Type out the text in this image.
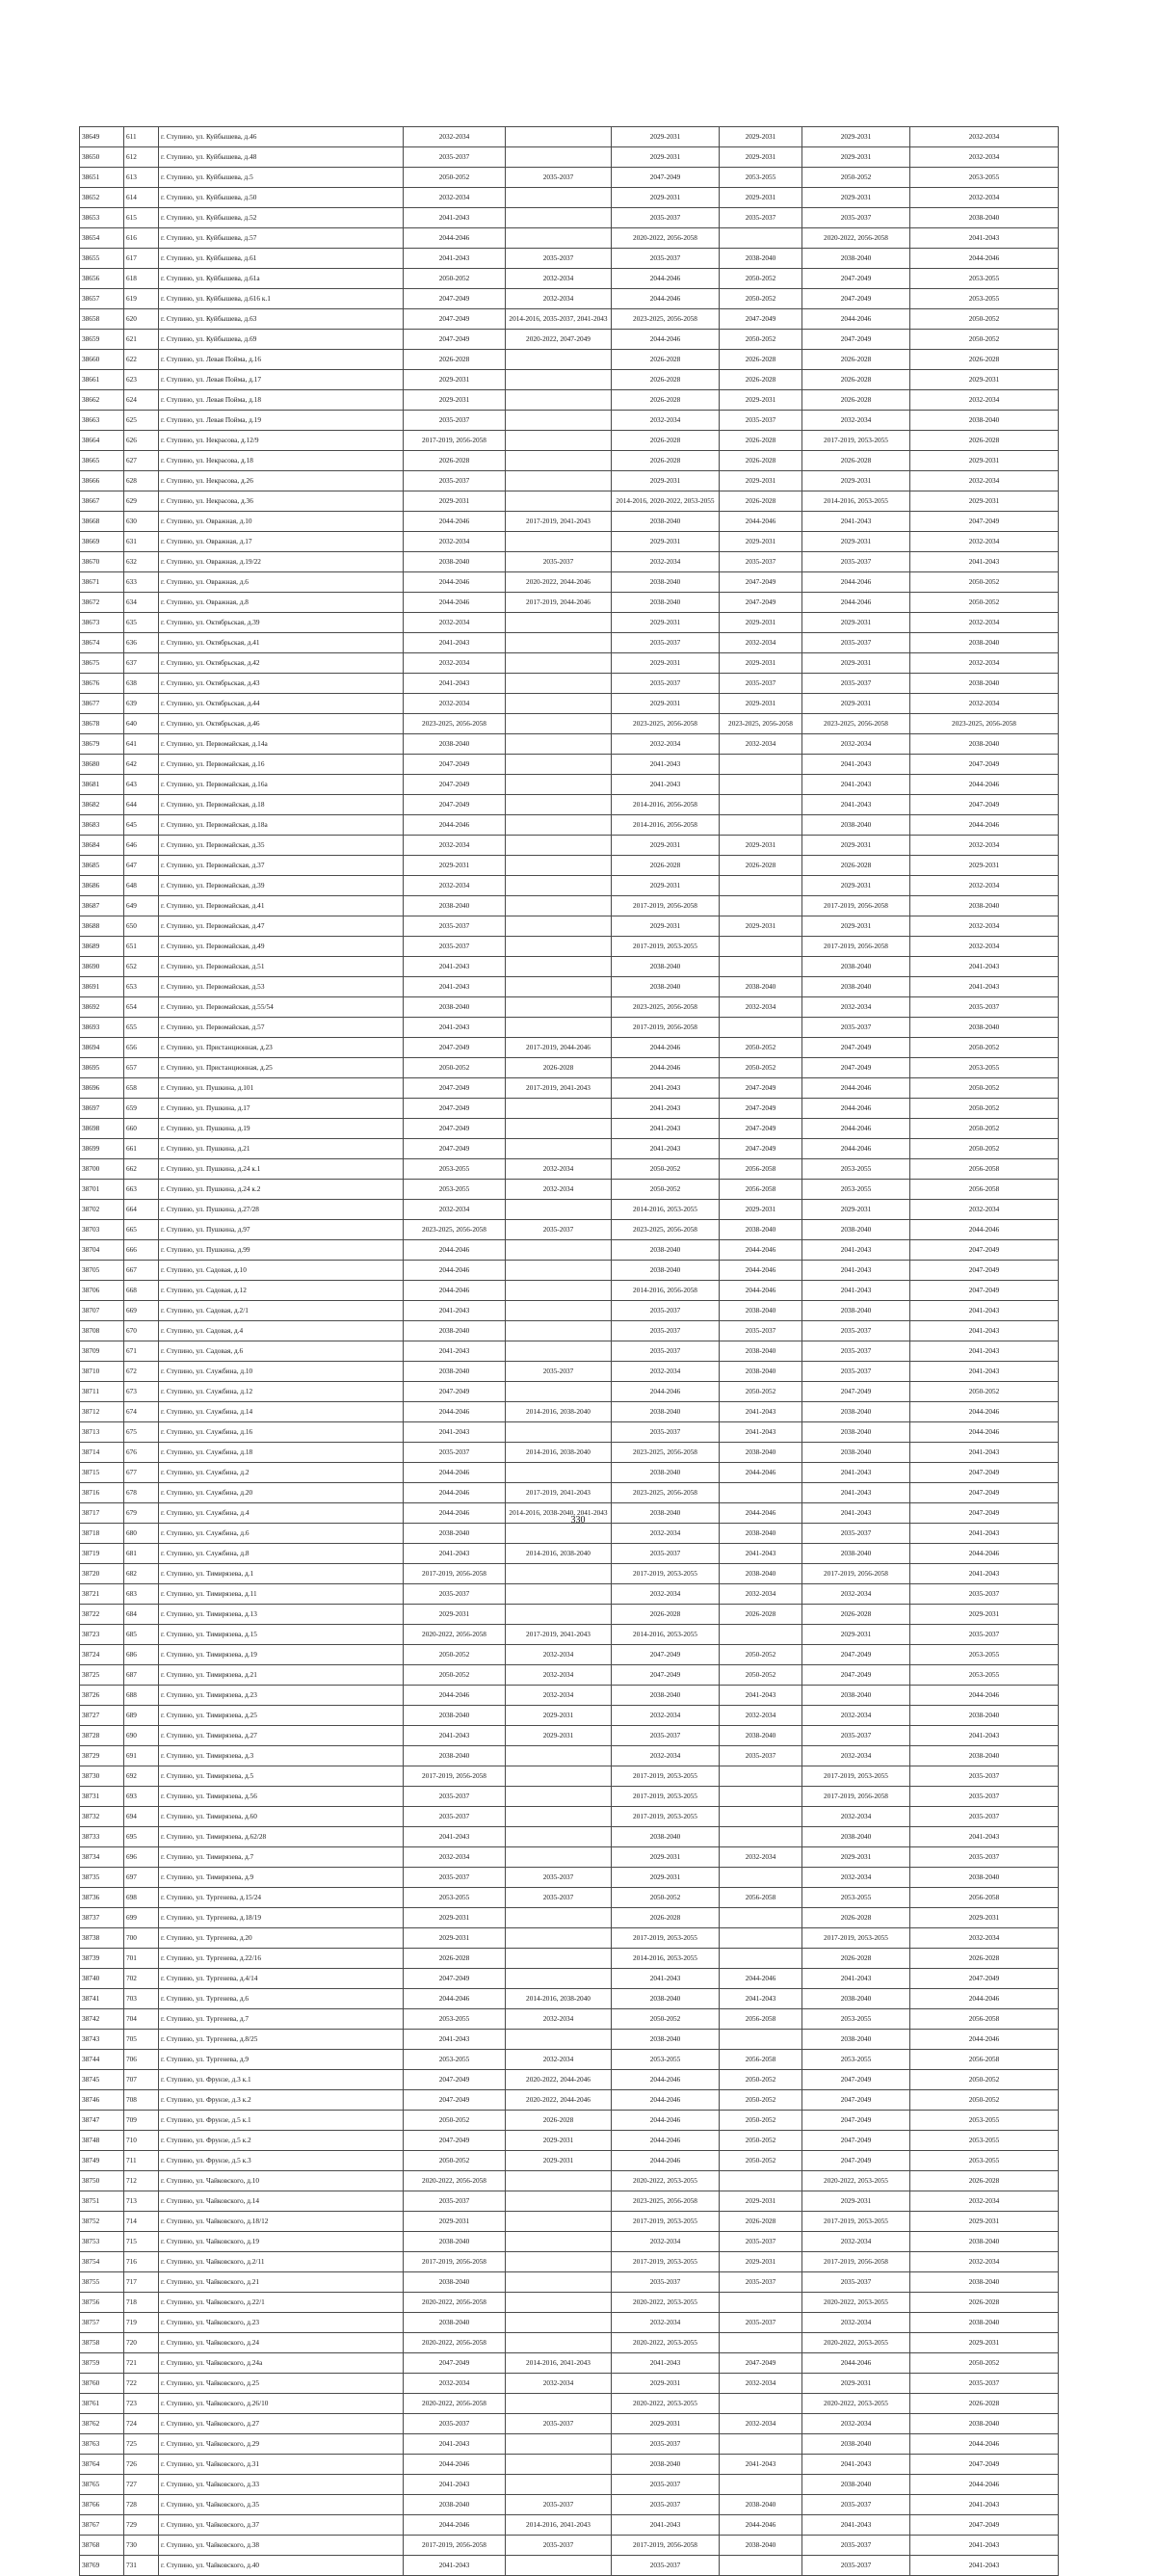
38649	611	г. Ступино, ул. Куйбышева, д.46	2032-2034		2029-2031	2029-2031	2029-2031	2032-2034
38650	612	г. Ступино, ул. Куйбышева, д.48	2035-2037		2029-2031	2029-2031	2029-2031	2032-2034
38651	613	г. Ступино, ул. Куйбышева, д.5	2050-2052	2035-2037	2047-2049	2053-2055	2050-2052	2053-2055
38652	614	г. Ступино, ул. Куйбышева, д.50	2032-2034		2029-2031	2029-2031	2029-2031	2032-2034
38653	615	г. Ступино, ул. Куйбышева, д.52	2041-2043		2035-2037	2035-2037	2035-2037	2038-2040
38654	616	г. Ступино, ул. Куйбышева, д.57	2044-2046		2020-2022, 2056-2058		2020-2022, 2056-2058	2041-2043
38655	617	г. Ступино, ул. Куйбышева, д.61	2041-2043	2035-2037	2035-2037	2038-2040	2038-2040	2044-2046
38656	618	г. Ступино, ул. Куйбышева, д.61а	2050-2052	2032-2034	2044-2046	2050-2052	2047-2049	2053-2055
38657	619	г. Ступино, ул. Куйбышева, д.616 к.1	2047-2049	2032-2034	2044-2046	2050-2052	2047-2049	2053-2055
38658	620	г. Ступино, ул. Куйбышева, д.63	2047-2049	2014-2016, 2035-2037, 2041-2043	2023-2025, 2056-2058	2047-2049	2044-2046	2050-2052
38659	621	г. Ступино, ул. Куйбышева, д.69	2047-2049	2020-2022, 2047-2049	2044-2046	2050-2052	2047-2049	2050-2052
38660	622	г. Ступино, ул. Левая Пойма, д.16	2026-2028		2026-2028	2026-2028	2026-2028	2026-2028
38661	623	г. Ступино, ул. Левая Пойма, д.17	2029-2031		2026-2028	2026-2028	2026-2028	2029-2031
38662	624	г. Ступино, ул. Левая Пойма, д.18	2029-2031		2026-2028	2029-2031	2026-2028	2032-2034
38663	625	г. Ступино, ул. Левая Пойма, д.19	2035-2037		2032-2034	2035-2037	2032-2034	2038-2040
38664	626	г. Ступино, ул. Некрасова, д.12/9	2017-2019, 2056-2058		2026-2028	2026-2028	2017-2019, 2053-2055	2026-2028
38665	627	г. Ступино, ул. Некрасова, д.18	2026-2028		2026-2028	2026-2028	2026-2028	2029-2031
38666	628	г. Ступино, ул. Некрасова, д.26	2035-2037		2029-2031	2029-2031	2029-2031	2032-2034
38667	629	г. Ступино, ул. Некрасова, д.36	2029-2031		2014-2016, 2020-2022, 2053-2055	2026-2028	2014-2016, 2053-2055	2029-2031
38668	630	г. Ступино, ул. Овражная, д.10	2044-2046	2017-2019, 2041-2043	2038-2040	2044-2046	2041-2043	2047-2049
38669	631	г. Ступино, ул. Овражная, д.17	2032-2034		2029-2031	2029-2031	2029-2031	2032-2034
38670	632	г. Ступино, ул. Овражная, д.19/22	2038-2040	2035-2037	2032-2034	2035-2037	2035-2037	2041-2043
38671	633	г. Ступино, ул. Овражная, д.6	2044-2046	2020-2022, 2044-2046	2038-2040	2047-2049	2044-2046	2050-2052
38672	634	г. Ступино, ул. Овражная, д.8	2044-2046	2017-2019, 2044-2046	2038-2040	2047-2049	2044-2046	2050-2052
38673	635	г. Ступино, ул. Октябрьская, д.39	2032-2034		2029-2031	2029-2031	2029-2031	2032-2034
38674	636	г. Ступино, ул. Октябрьская, д.41	2041-2043		2035-2037	2032-2034	2035-2037	2038-2040
38675	637	г. Ступино, ул. Октябрьская, д.42	2032-2034		2029-2031	2029-2031	2029-2031	2032-2034
38676	638	г. Ступино, ул. Октябрьская, д.43	2041-2043		2035-2037	2035-2037	2035-2037	2038-2040
38677	639	г. Ступино, ул. Октябрьская, д.44	2032-2034		2029-2031	2029-2031	2029-2031	2032-2034
38678	640	г. Ступино, ул. Октябрьская, д.46	2023-2025, 2056-2058		2023-2025, 2056-2058	2023-2025, 2056-2058	2023-2025, 2056-2058	2023-2025, 2056-2058
38679	641	г. Ступино, ул. Первомайская, д.14а	2038-2040		2032-2034	2032-2034	2032-2034	2038-2040
38680	642	г. Ступино, ул. Первомайская, д.16	2047-2049		2041-2043		2041-2043	2047-2049
38681	643	г. Ступино, ул. Первомайская, д.16а	2047-2049		2041-2043		2041-2043	2044-2046
38682	644	г. Ступино, ул. Первомайская, д.18	2047-2049		2014-2016, 2056-2058		2041-2043	2047-2049
38683	645	г. Ступино, ул. Первомайская, д.18а	2044-2046		2014-2016, 2056-2058		2038-2040	2044-2046
38684	646	г. Ступино, ул. Первомайская, д.35	2032-2034		2029-2031	2029-2031	2029-2031	2032-2034
38685	647	г. Ступино, ул. Первомайская, д.37	2029-2031		2026-2028	2026-2028	2026-2028	2029-2031
38686	648	г. Ступино, ул. Первомайская, д.39	2032-2034		2029-2031		2029-2031	2032-2034
38687	649	г. Ступино, ул. Первомайская, д.41	2038-2040		2017-2019, 2056-2058		2017-2019, 2056-2058	2038-2040
38688	650	г. Ступино, ул. Первомайская, д.47	2035-2037		2029-2031	2029-2031	2029-2031	2032-2034
38689	651	г. Ступино, ул. Первомайская, д.49	2035-2037		2017-2019, 2053-2055		2017-2019, 2056-2058	2032-2034
38690	652	г. Ступино, ул. Первомайская, д.51	2041-2043		2038-2040		2038-2040	2041-2043
38691	653	г. Ступино, ул. Первомайская, д.53	2041-2043		2038-2040	2038-2040	2038-2040	2041-2043
38692	654	г. Ступино, ул. Первомайская, д.55/54	2038-2040		2023-2025, 2056-2058	2032-2034	2032-2034	2035-2037
38693	655	г. Ступино, ул. Первомайская, д.57	2041-2043		2017-2019, 2056-2058		2035-2037	2038-2040
38694	656	г. Ступино, ул. Пристанционная, д.23	2047-2049	2017-2019, 2044-2046	2044-2046	2050-2052	2047-2049	2050-2052
38695	657	г. Ступино, ул. Пристанционная, д.25	2050-2052	2026-2028	2044-2046	2050-2052	2047-2049	2053-2055
38696	658	г. Ступино, ул. Пушкина, д.101	2047-2049	2017-2019, 2041-2043	2041-2043	2047-2049	2044-2046	2050-2052
38697	659	г. Ступино, ул. Пушкина, д.17	2047-2049		2041-2043	2047-2049	2044-2046	2050-2052
38698	660	г. Ступино, ул. Пушкина, д.19	2047-2049		2041-2043	2047-2049	2044-2046	2050-2052
38699	661	г. Ступино, ул. Пушкина, д.21	2047-2049		2041-2043	2047-2049	2044-2046	2050-2052
38700	662	г. Ступино, ул. Пушкина, д.24 к.1	2053-2055	2032-2034	2050-2052	2056-2058	2053-2055	2056-2058
38701	663	г. Ступино, ул. Пушкина, д.24 к.2	2053-2055	2032-2034	2050-2052	2056-2058	2053-2055	2056-2058
38702	664	г. Ступино, ул. Пушкина, д.27/28	2032-2034		2014-2016, 2053-2055	2029-2031	2029-2031	2032-2034
38703	665	г. Ступино, ул. Пушкина, д.97	2023-2025, 2056-2058	2035-2037	2023-2025, 2056-2058	2038-2040	2038-2040	2044-2046
38704	666	г. Ступино, ул. Пушкина, д.99	2044-2046		2038-2040	2044-2046	2041-2043	2047-2049
38705	667	г. Ступино, ул. Садовая, д.10	2044-2046		2038-2040	2044-2046	2041-2043	2047-2049
38706	668	г. Ступино, ул. Садовая, д.12	2044-2046		2014-2016, 2056-2058	2044-2046	2041-2043	2047-2049
38707	669	г. Ступино, ул. Садовая, д.2/1	2041-2043		2035-2037	2038-2040	2038-2040	2041-2043
38708	670	г. Ступино, ул. Садовая, д.4	2038-2040		2035-2037	2035-2037	2035-2037	2041-2043
38709	671	г. Ступино, ул. Садовая, д.6	2041-2043		2035-2037	2038-2040	2035-2037	2041-2043
38710	672	г. Ступино, ул. Службина, д.10	2038-2040	2035-2037	2032-2034	2038-2040	2035-2037	2041-2043
38711	673	г. Ступино, ул. Службина, д.12	2047-2049		2044-2046	2050-2052	2047-2049	2050-2052
38712	674	г. Ступино, ул. Службина, д.14	2044-2046	2014-2016, 2038-2040	2038-2040	2041-2043	2038-2040	2044-2046
38713	675	г. Ступино, ул. Службина, д.16	2041-2043		2035-2037	2041-2043	2038-2040	2044-2046
38714	676	г. Ступино, ул. Службина, д.18	2035-2037	2014-2016, 2038-2040	2023-2025, 2056-2058	2038-2040	2038-2040	2041-2043
38715	677	г. Ступино, ул. Службина, д.2	2044-2046		2038-2040	2044-2046	2041-2043	2047-2049
38716	678	г. Ступино, ул. Службина, д.20	2044-2046	2017-2019, 2041-2043	2023-2025, 2056-2058		2041-2043	2047-2049
38717	679	г. Ступино, ул. Службина, д.4	2044-2046	2014-2016, 2038-2040, 2041-2043	2038-2040	2044-2046	2041-2043	2047-2049
38718	680	г. Ступино, ул. Службина, д.6	2038-2040		2032-2034	2038-2040	2035-2037	2041-2043
38719	681	г. Ступино, ул. Службина, д.8	2041-2043	2014-2016, 2038-2040	2035-2037	2041-2043	2038-2040	2044-2046
38720	682	г. Ступино, ул. Тимирязева, д.1	2017-2019, 2056-2058		2017-2019, 2053-2055	2038-2040	2017-2019, 2056-2058	2041-2043
38721	683	г. Ступино, ул. Тимирязева, д.11	2035-2037		2032-2034	2032-2034	2032-2034	2035-2037
38722	684	г. Ступино, ул. Тимирязева, д.13	2029-2031		2026-2028	2026-2028	2026-2028	2029-2031
38723	685	г. Ступино, ул. Тимирязева, д.15	2020-2022, 2056-2058	2017-2019, 2041-2043	2014-2016, 2053-2055		2029-2031	2035-2037
38724	686	г. Ступино, ул. Тимирязева, д.19	2050-2052	2032-2034	2047-2049	2050-2052	2047-2049	2053-2055
38725	687	г. Ступино, ул. Тимирязева, д.21	2050-2052	2032-2034	2047-2049	2050-2052	2047-2049	2053-2055
38726	688	г. Ступино, ул. Тимирязева, д.23	2044-2046	2032-2034	2038-2040	2041-2043	2038-2040	2044-2046
38727	689	г. Ступино, ул. Тимирязева, д.25	2038-2040	2029-2031	2032-2034	2032-2034	2032-2034	2038-2040
38728	690	г. Ступино, ул. Тимирязева, д.27	2041-2043	2029-2031	2035-2037	2038-2040	2035-2037	2041-2043
38729	691	г. Ступино, ул. Тимирязева, д.3	2038-2040		2032-2034	2035-2037	2032-2034	2038-2040
38730	692	г. Ступино, ул. Тимирязева, д.5	2017-2019, 2056-2058		2017-2019, 2053-2055		2017-2019, 2053-2055	2035-2037
38731	693	г. Ступино, ул. Тимирязева, д.56	2035-2037		2017-2019, 2053-2055		2017-2019, 2056-2058	2035-2037
38732	694	г. Ступино, ул. Тимирязева, д.60	2035-2037		2017-2019, 2053-2055		2032-2034	2035-2037
38733	695	г. Ступино, ул. Тимирязева, д.62/28	2041-2043		2038-2040		2038-2040	2041-2043
38734	696	г. Ступино, ул. Тимирязева, д.7	2032-2034		2029-2031	2032-2034	2029-2031	2035-2037
38735	697	г. Ступино, ул. Тимирязева, д.9	2035-2037	2035-2037	2029-2031		2032-2034	2038-2040
38736	698	г. Ступино, ул. Тургенева, д.15/24	2053-2055	2035-2037	2050-2052	2056-2058	2053-2055	2056-2058
38737	699	г. Ступино, ул. Тургенева, д.18/19	2029-2031		2026-2028		2026-2028	2029-2031
38738	700	г. Ступино, ул. Тургенева, д.20	2029-2031		2017-2019, 2053-2055		2017-2019, 2053-2055	2032-2034
38739	701	г. Ступино, ул. Тургенева, д.22/16	2026-2028		2014-2016, 2053-2055		2026-2028	2026-2028
38740	702	г. Ступино, ул. Тургенева, д.4/14	2047-2049		2041-2043	2044-2046	2041-2043	2047-2049
38741	703	г. Ступино, ул. Тургенева, д.6	2044-2046	2014-2016, 2038-2040	2038-2040	2041-2043	2038-2040	2044-2046
38742	704	г. Ступино, ул. Тургенева, д.7	2053-2055	2032-2034	2050-2052	2056-2058	2053-2055	2056-2058
38743	705	г. Ступино, ул. Тургенева, д.8/25	2041-2043		2038-2040		2038-2040	2044-2046
38744	706	г. Ступино, ул. Тургенева, д.9	2053-2055	2032-2034	2053-2055	2056-2058	2053-2055	2056-2058
38745	707	г. Ступино, ул. Фрунзе, д.3 к.1	2047-2049	2020-2022, 2044-2046	2044-2046	2050-2052	2047-2049	2050-2052
38746	708	г. Ступино, ул. Фрунзе, д.3 к.2	2047-2049	2020-2022, 2044-2046	2044-2046	2050-2052	2047-2049	2050-2052
38747	709	г. Ступино, ул. Фрунзе, д.5 к.1	2050-2052	2026-2028	2044-2046	2050-2052	2047-2049	2053-2055
38748	710	г. Ступино, ул. Фрунзе, д.5 к.2	2047-2049	2029-2031	2044-2046	2050-2052	2047-2049	2053-2055
38749	711	г. Ступино, ул. Фрунзе, д.5 к.3	2050-2052	2029-2031	2044-2046	2050-2052	2047-2049	2053-2055
38750	712	г. Ступино, ул. Чайковского, д.10	2020-2022, 2056-2058		2020-2022, 2053-2055		2020-2022, 2053-2055	2026-2028
38751	713	г. Ступино, ул. Чайковского, д.14	2035-2037		2023-2025, 2056-2058	2029-2031	2029-2031	2032-2034
38752	714	г. Ступино, ул. Чайковского, д.18/12	2029-2031		2017-2019, 2053-2055	2026-2028	2017-2019, 2053-2055	2029-2031
38753	715	г. Ступино, ул. Чайковского, д.19	2038-2040		2032-2034	2035-2037	2032-2034	2038-2040
38754	716	г. Ступино, ул. Чайковского, д.2/11	2017-2019, 2056-2058		2017-2019, 2053-2055	2029-2031	2017-2019, 2056-2058	2032-2034
38755	717	г. Ступино, ул. Чайковского, д.21	2038-2040		2035-2037	2035-2037	2035-2037	2038-2040
38756	718	г. Ступино, ул. Чайковского, д.22/1	2020-2022, 2056-2058		2020-2022, 2053-2055		2020-2022, 2053-2055	2026-2028
38757	719	г. Ступино, ул. Чайковского, д.23	2038-2040		2032-2034	2035-2037	2032-2034	2038-2040
38758	720	г. Ступино, ул. Чайковского, д.24	2020-2022, 2056-2058		2020-2022, 2053-2055		2020-2022, 2053-2055	2029-2031
38759	721	г. Ступино, ул. Чайковского, д.24а	2047-2049	2014-2016, 2041-2043	2041-2043	2047-2049	2044-2046	2050-2052
38760	722	г. Ступино, ул. Чайковского, д.25	2032-2034	2032-2034	2029-2031	2032-2034	2029-2031	2035-2037
38761	723	г. Ступино, ул. Чайковского, д.26/10	2020-2022, 2056-2058		2020-2022, 2053-2055		2020-2022, 2053-2055	2026-2028
38762	724	г. Ступино, ул. Чайковского, д.27	2035-2037	2035-2037	2029-2031	2032-2034	2032-2034	2038-2040
38763	725	г. Ступино, ул. Чайковского, д.29	2041-2043		2035-2037		2038-2040	2044-2046
38764	726	г. Ступино, ул. Чайковского, д.31	2044-2046		2038-2040	2041-2043	2041-2043	2047-2049
38765	727	г. Ступино, ул. Чайковского, д.33	2041-2043		2035-2037		2038-2040	2044-2046
38766	728	г. Ступино, ул. Чайковского, д.35	2038-2040	2035-2037	2035-2037	2038-2040	2035-2037	2041-2043
38767	729	г. Ступино, ул. Чайковского, д.37	2044-2046	2014-2016, 2041-2043	2041-2043	2044-2046	2041-2043	2047-2049
38768	730	г. Ступино, ул. Чайковского, д.38	2017-2019, 2056-2058	2035-2037	2017-2019, 2056-2058	2038-2040	2035-2037	2041-2043
38769	731	г. Ступино, ул. Чайковского, д.40	2041-2043		2035-2037		2035-2037	2041-2043
330
